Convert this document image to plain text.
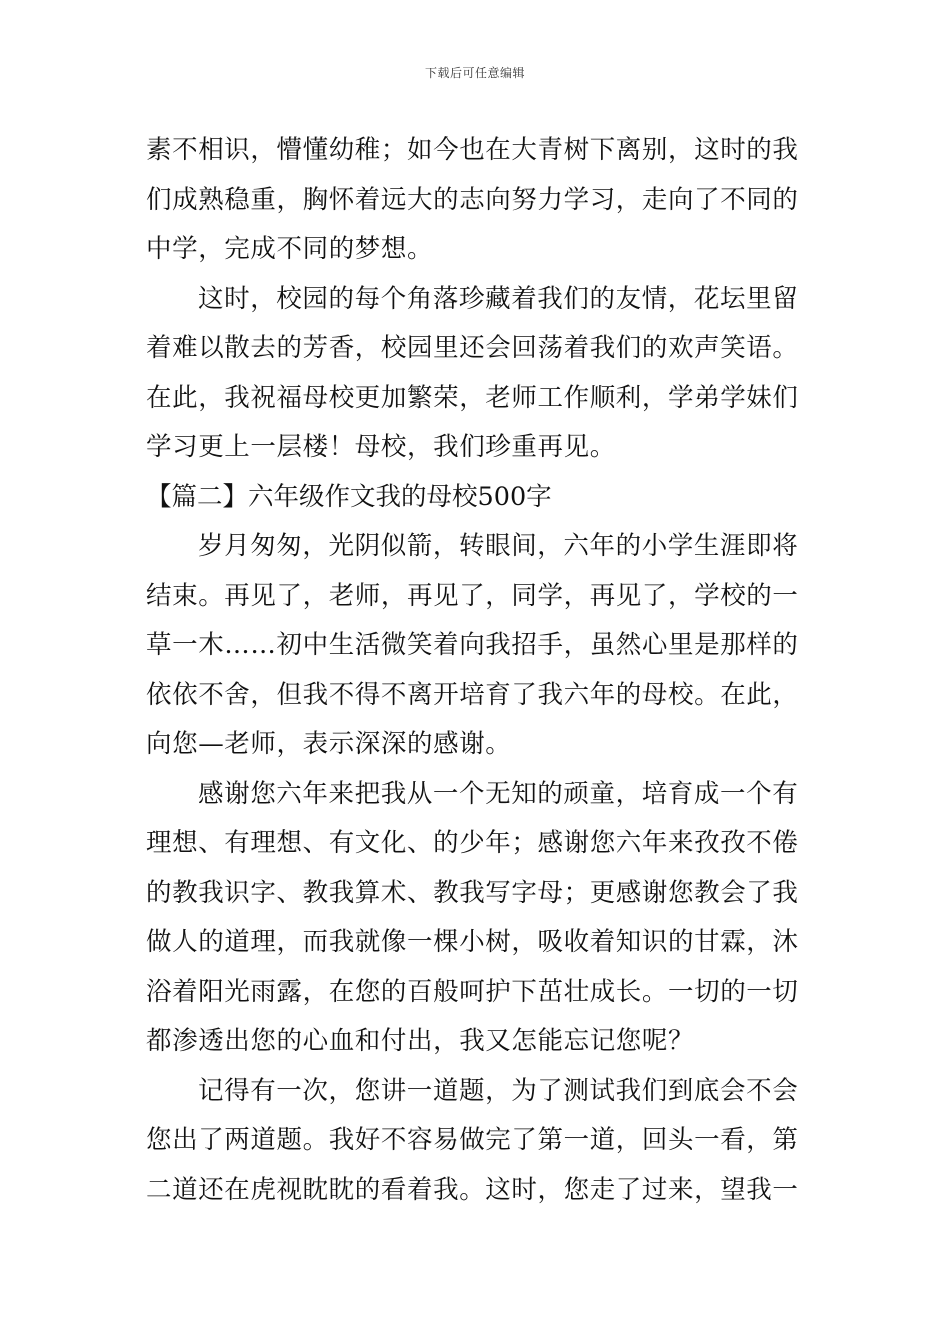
下载后可任意编辑
素不相识，懵懂幼稚；如今也在大青树下离别，这时的我
们成熟稳重，胸怀着远大的志向努力学习，走向了不同的
中学，完成不同的梦想。
这时，校园的每个角落珍藏着我们的友情，花坛里留
着难以散去的芳香，校园里还会回荡着我们的欢声笑语。
在此，我祝福母校更加繁荣，老师工作顺利，学弟学妹们
学习更上一层楼！母校，我们珍重再见。
【篇二】六年级作文我的母校500字
岁月匆匆，光阴似箭，转眼间，六年的小学生涯即将
结束。再见了，老师，再见了，同学，再见了，学校的一
草一木……初中生活微笑着向我招手，虽然心里是那样的
依依不舍，但我不得不离开培育了我六年的母校。在此，
向您—老师，表示深深的感谢。
感谢您六年来把我从一个无知的顽童，培育成一个有
理想、有理想、有文化、的少年；感谢您六年来孜孜不倦
的教我识字、教我算术、教我写字母；更感谢您教会了我
做人的道理，而我就像一棵小树，吸收着知识的甘霖，沐
浴着阳光雨露，在您的百般呵护下茁壮成长。一切的一切
都渗透出您的心血和付出，我又怎能忘记您呢？
记得有一次，您讲一道题，为了测试我们到底会不会
您出了两道题。我好不容易做完了第一道，回头一看，第
二道还在虎视眈眈的看着我。这时，您走了过来，望我一
